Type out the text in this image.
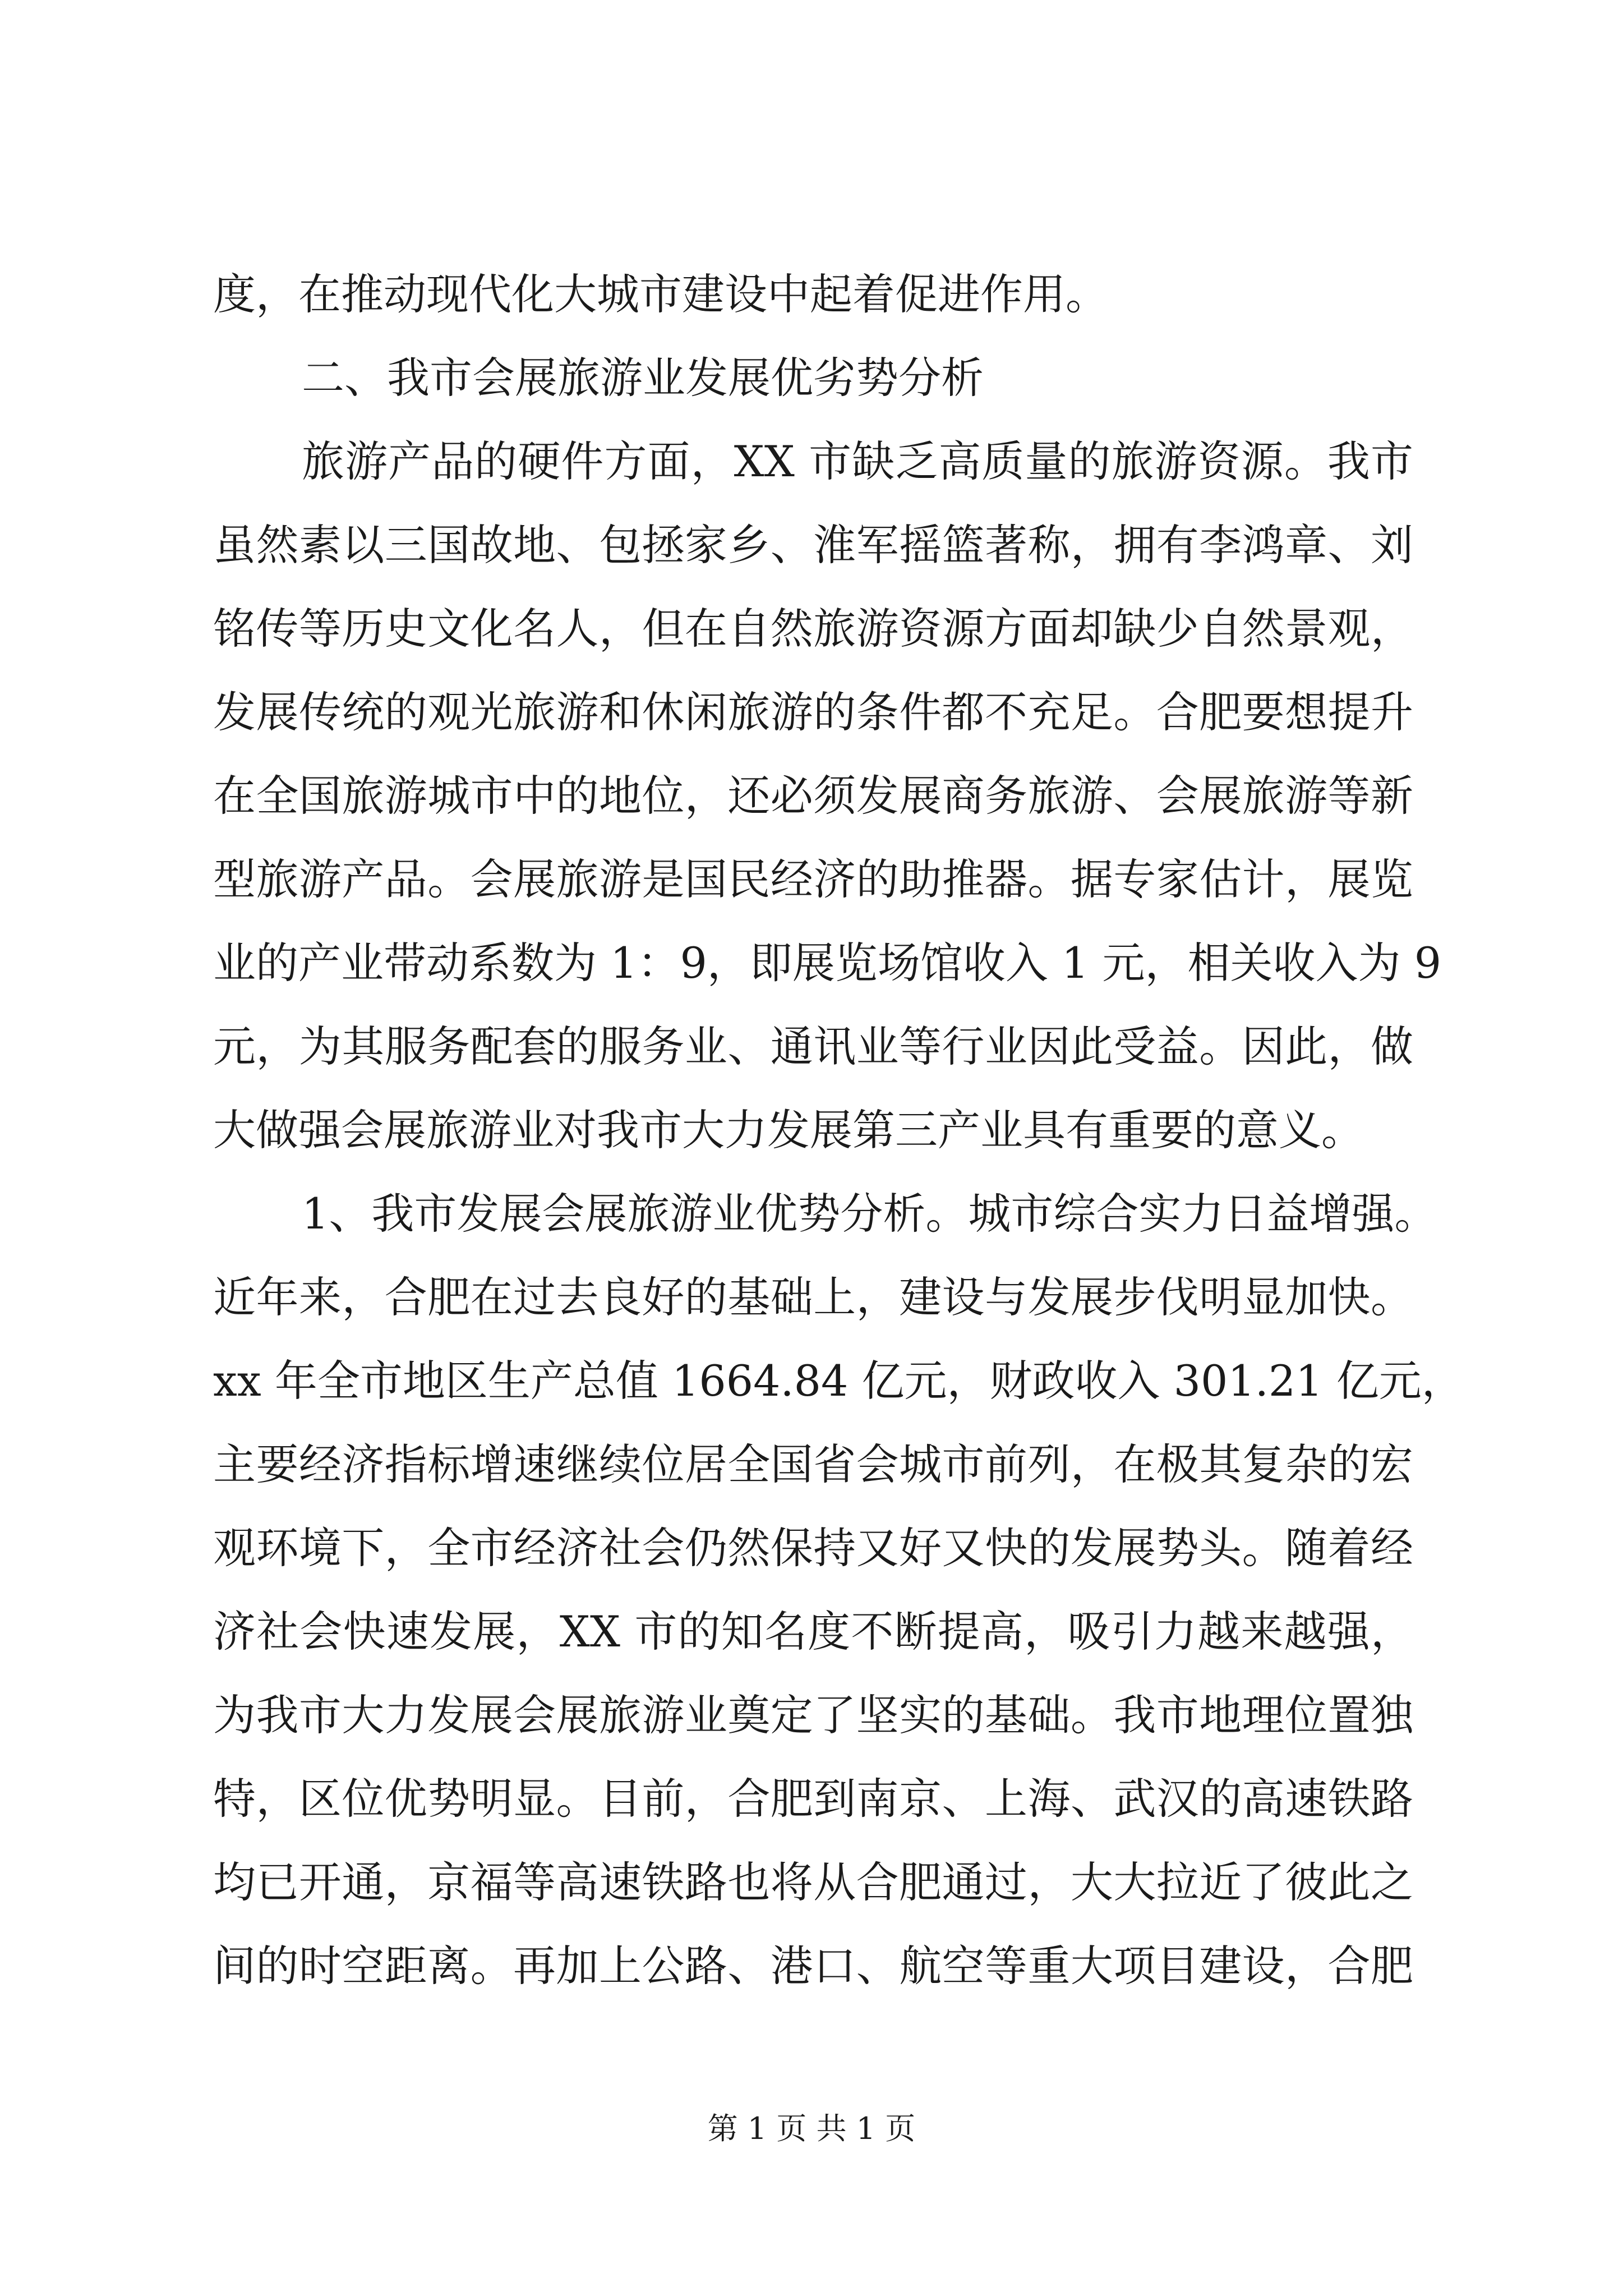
度，在推动现代化大城市建设中起着促进作用。
二、我市会展旅游业发展优劣势分析
旅游产品的硬件方面，XX 市缺乏高质量的旅游资源。我市
虽然素以三国故地、包拯家乡、淮军摇篮著称，拥有李鸿章、刘
铭传等历史文化名人，但在自然旅游资源方面却缺少自然景观，
发展传统的观光旅游和休闲旅游的条件都不充足。合肥要想提升
在全国旅游城市中的地位，还必须发展商务旅游、会展旅游等新
型旅游产品。会展旅游是国民经济的助推器。据专家估计，展览
业的产业带动系数为 1：9，即展览场馆收入 1 元，相关收入为 9
元，为其服务配套的服务业、通讯业等行业因此受益。因此，做
大做强会展旅游业对我市大力发展第三产业具有重要的意义。
1、我市发展会展旅游业优势分析。城市综合实力日益增强。
近年来，合肥在过去良好的基础上，建设与发展步伐明显加快。
xx 年全市地区生产总值 1664.84 亿元，财政收入 301.21 亿元，
主要经济指标增速继续位居全国省会城市前列，在极其复杂的宏
观环境下，全市经济社会仍然保持又好又快的发展势头。随着经
济社会快速发展，XX 市的知名度不断提高，吸引力越来越强，
为我市大力发展会展旅游业奠定了坚实的基础。我市地理位置独
特，区位优势明显。目前，合肥到南京、上海、武汉的高速铁路
均已开通，京福等高速铁路也将从合肥通过，大大拉近了彼此之
间的时空距离。再加上公路、港口、航空等重大项目建设，合肥
第 1 页 共 1 页
